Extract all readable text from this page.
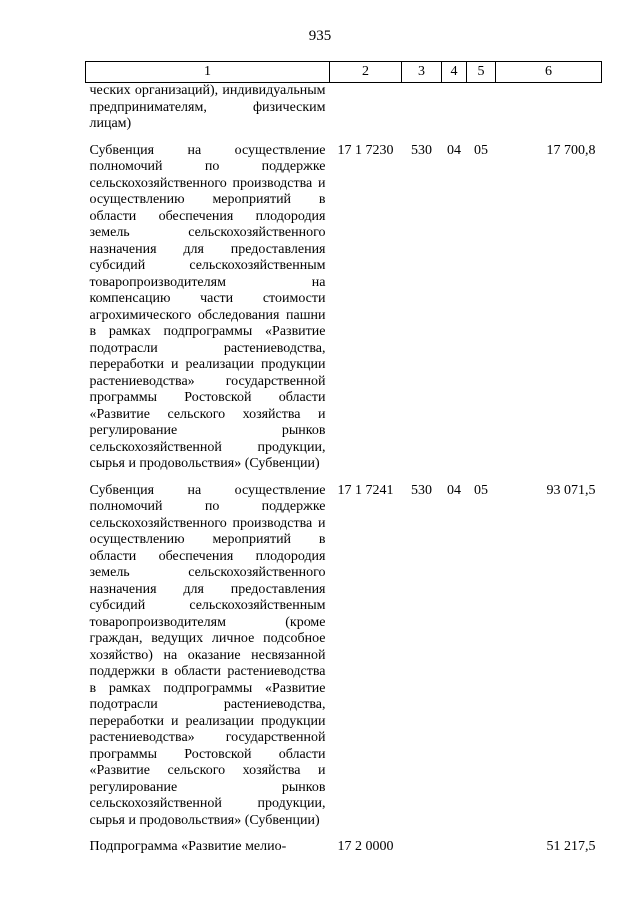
935
1	2	3	4	5	6
ческих организаций), индивидуальным предпринимателям, физическим лицам)					

Субвенция на осуществление полномочий по поддержке сельскохозяйственного производства и осуществлению мероприятий в области обеспечения плодородия земель сельскохозяйственного назначения для предоставления субсидий сельскохозяйственным товаропроизводителям на компенсацию части стоимости агрохимического обследования пашни в рамках подпрограммы «Развитие подотрасли растениеводства, переработки и реализации продукции растениеводства» государственной программы Ростовской области «Развитие сельского хозяйства и регулирование рынков сельскохозяйственной продукции, сырья и продовольствия» (Субвенции)	17 1 7230	530	04	05	17 700,8

Субвенция на осуществление полномочий по поддержке сельскохозяйственного производства и осуществлению мероприятий в области обеспечения плодородия земель сельскохозяйственного назначения для предоставления субсидий сельскохозяйственным товаропроизводителям (кроме граждан, ведущих личное подсобное хозяйство) на оказание несвязанной поддержки в области растениеводства в рамках подпрограммы «Развитие подотрасли растениеводства, переработки и реализации продукции растениеводства» государственной программы Ростовской области «Развитие сельского хозяйства и регулирование рынков сельскохозяйственной продукции, сырья и продовольствия» (Субвенции)	17 1 7241	530	04	05	93 071,5

Подпрограмма «Развитие мелио-	17 2 0000				51 217,5
